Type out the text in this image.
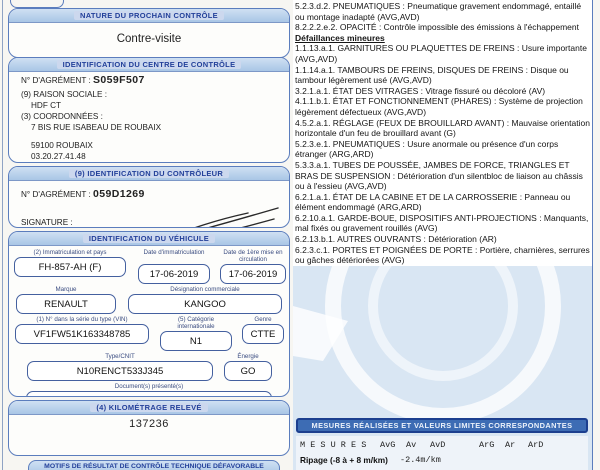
NATURE DU PROCHAIN CONTRÔLE
Contre-visite
IDENTIFICATION DU CENTRE DE CONTRÔLE
N° D'AGRÉMENT : S059F507
(9) RAISON SOCIALE :
HDF CT
(3) COORDONNÉES :
7 BIS RUE ISABEAU DE ROUBAIX
59100 ROUBAIX
03.20.27.41.48
(9) IDENTIFICATION DU CONTRÔLEUR
N° D'AGRÉMENT : 059D1269
SIGNATURE :
IDENTIFICATION DU VÉHICULE
(2) Immatriculation et pays
FH-857-AH (F)
Date d'immatriculation
17-06-2019
Date de 1ère mise en circulation
17-06-2019
Marque
RENAULT
Désignation commerciale
KANGOO
(1) N° dans la série du type (VIN)
VF1FW51K163348785
(5) Catégorie internationale
N1
Genre
CTTE
Type/CNIT
N10RENCT533J345
Énergie
GO
Document(s) présenté(s)
(4) KILOMÉTRAGE RELEVÉ
137236
MOTIFS DE RÉSULTAT DE CONTRÔLE TECHNIQUE DÉFAVORABLE
5.2.3.d.2. PNEUMATIQUES : Pneumatique gravement endommagé, entaillé ou montage inadapté (AVG,AVD)
8.2.2.2.e.2. OPACITÉ : Contrôle impossible des émissions à l'échappement
Défaillances mineures
1.1.13.a.1. GARNITURES OU PLAQUETTES DE FREINS : Usure importante (AVG,AVD)
1.1.14.a.1. TAMBOURS DE FREINS, DISQUES DE FREINS : Disque ou tambour légèrement usé (AVG,AVD)
3.2.1.a.1. ÉTAT DES VITRAGES : Vitrage fissuré ou décoloré (AV)
4.1.1.b.1. ÉTAT ET FONCTIONNEMENT (PHARES) : Système de projection légèrement défectueux (AVG,AVD)
4.5.2.a.1. RÉGLAGE (FEUX DE BROUILLARD AVANT) : Mauvaise orientation horizontale d'un feu de brouillard avant (G)
5.2.3.e.1. PNEUMATIQUES : Usure anormale ou présence d'un corps étranger (ARG,ARD)
5.3.3.a.1. TUBES DE POUSSÉE, JAMBES DE FORCE, TRIANGLES ET BRAS DE SUSPENSION : Détérioration d'un silentbloc de liaison au châssis ou à l'essieu (AVG,AVD)
6.2.1.a.1. ÉTAT DE LA CABINE ET DE LA CARROSSERIE : Panneau ou élément endommagé (ARG,ARD)
6.2.10.a.1. GARDE-BOUE, DISPOSITIFS ANTI-PROJECTIONS : Manquants, mal fixés ou gravement rouillés (AVG)
6.2.13.b.1. AUTRES OUVRANTS : Détérioration (AR)
6.2.3.c.1. PORTES ET POIGNÉES DE PORTE : Portière, charnières, serrures ou gâches détériorées (AVG)
MESURES RÉALISÉES ET VALEURS LIMITES CORRESPONDANTES
M E S U R E S AvG Av AvD	ArG Ar ArD
Ripage (-8 à + 8 m/km) -2.4m/km
